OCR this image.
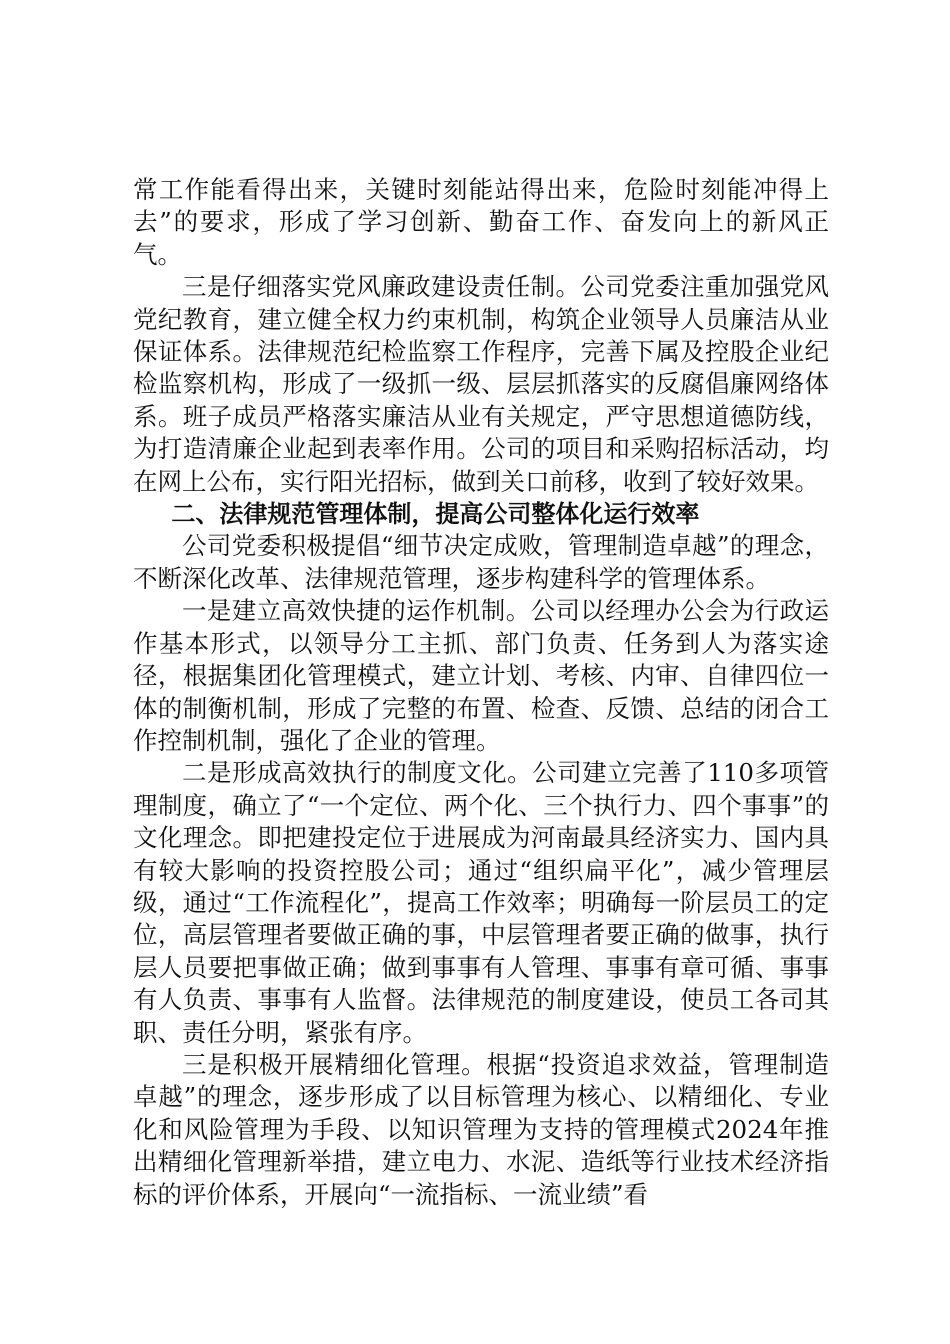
常工作能看得出来，关键时刻能站得出来，危险时刻能冲得上去”的要求，形成了学习创新、勤奋工作、奋发向上的新风正气。

三是仔细落实党风廉政建设责任制。公司党委注重加强党风党纪教育，建立健全权力约束机制，构筑企业领导人员廉洁从业保证体系。法律规范纪检监察工作程序，完善下属及控股企业纪检监察机构，形成了一级抓一级、层层抓落实的反腐倡廉网络体系。班子成员严格落实廉洁从业有关规定，严守思想道德防线，为打造清廉企业起到表率作用。公司的项目和采购招标活动，均在网上公布，实行阳光招标，做到关口前移，收到了较好效果。

二、法律规范管理体制，提高公司整体化运行效率

公司党委积极提倡“细节决定成败，管理制造卓越”的理念，不断深化改革、法律规范管理，逐步构建科学的管理体系。

一是建立高效快捷的运作机制。公司以经理办公会为行政运作基本形式，以领导分工主抓、部门负责、任务到人为落实途径，根据集团化管理模式，建立计划、考核、内审、自律四位一体的制衡机制，形成了完整的布置、检查、反馈、总结的闭合工作控制机制，强化了企业的管理。

二是形成高效执行的制度文化。公司建立完善了110多项管理制度，确立了“一个定位、两个化、三个执行力、四个事事”的文化理念。即把建投定位于进展成为河南最具经济实力、国内具有较大影响的投资控股公司；通过“组织扁平化”，减少管理层级，通过“工作流程化”，提高工作效率；明确每一阶层员工的定位，高层管理者要做正确的事，中层管理者要正确的做事，执行层人员要把事做正确；做到事事有人管理、事事有章可循、事事有人负责、事事有人监督。法律规范的制度建设，使员工各司其职、责任分明，紧张有序。

三是积极开展精细化管理。根据“投资追求效益，管理制造卓越”的理念，逐步形成了以目标管理为核心、以精细化、专业化和风险管理为手段、以知识管理为支持的管理模式2024年推出精细化管理新举措，建立电力、水泥、造纸等行业技术经济指标的评价体系，开展向“一流指标、一流业绩”看
